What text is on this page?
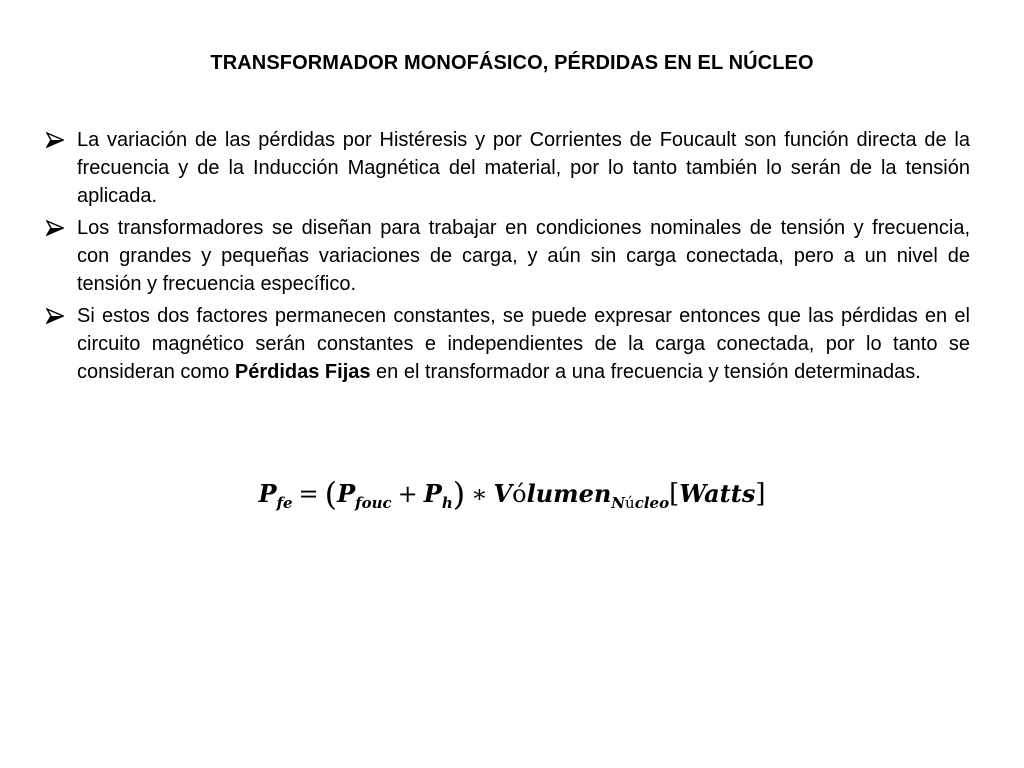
TRANSFORMADOR MONOFÁSICO, PÉRDIDAS EN EL NÚCLEO
La variación de las pérdidas por Histéresis y por Corrientes de Foucault son función directa de la frecuencia y de la Inducción Magnética del material, por lo tanto también lo serán de la tensión aplicada.
Los transformadores se diseñan para trabajar en condiciones nominales de tensión y frecuencia, con grandes y pequeñas variaciones de carga, y aún sin carga conectada, pero a un nivel de tensión y frecuencia específico.
Si estos dos factores permanecen constantes, se puede expresar entonces que las pérdidas en el circuito magnético serán constantes e independientes de la carga conectada, por lo tanto se consideran como Pérdidas Fijas en el transformador a una frecuencia y tensión determinadas.
$P_{fe} = (P_{fouc} + P_h)$ ∗ Vólumen$_{Núcleo}$[Watts]
